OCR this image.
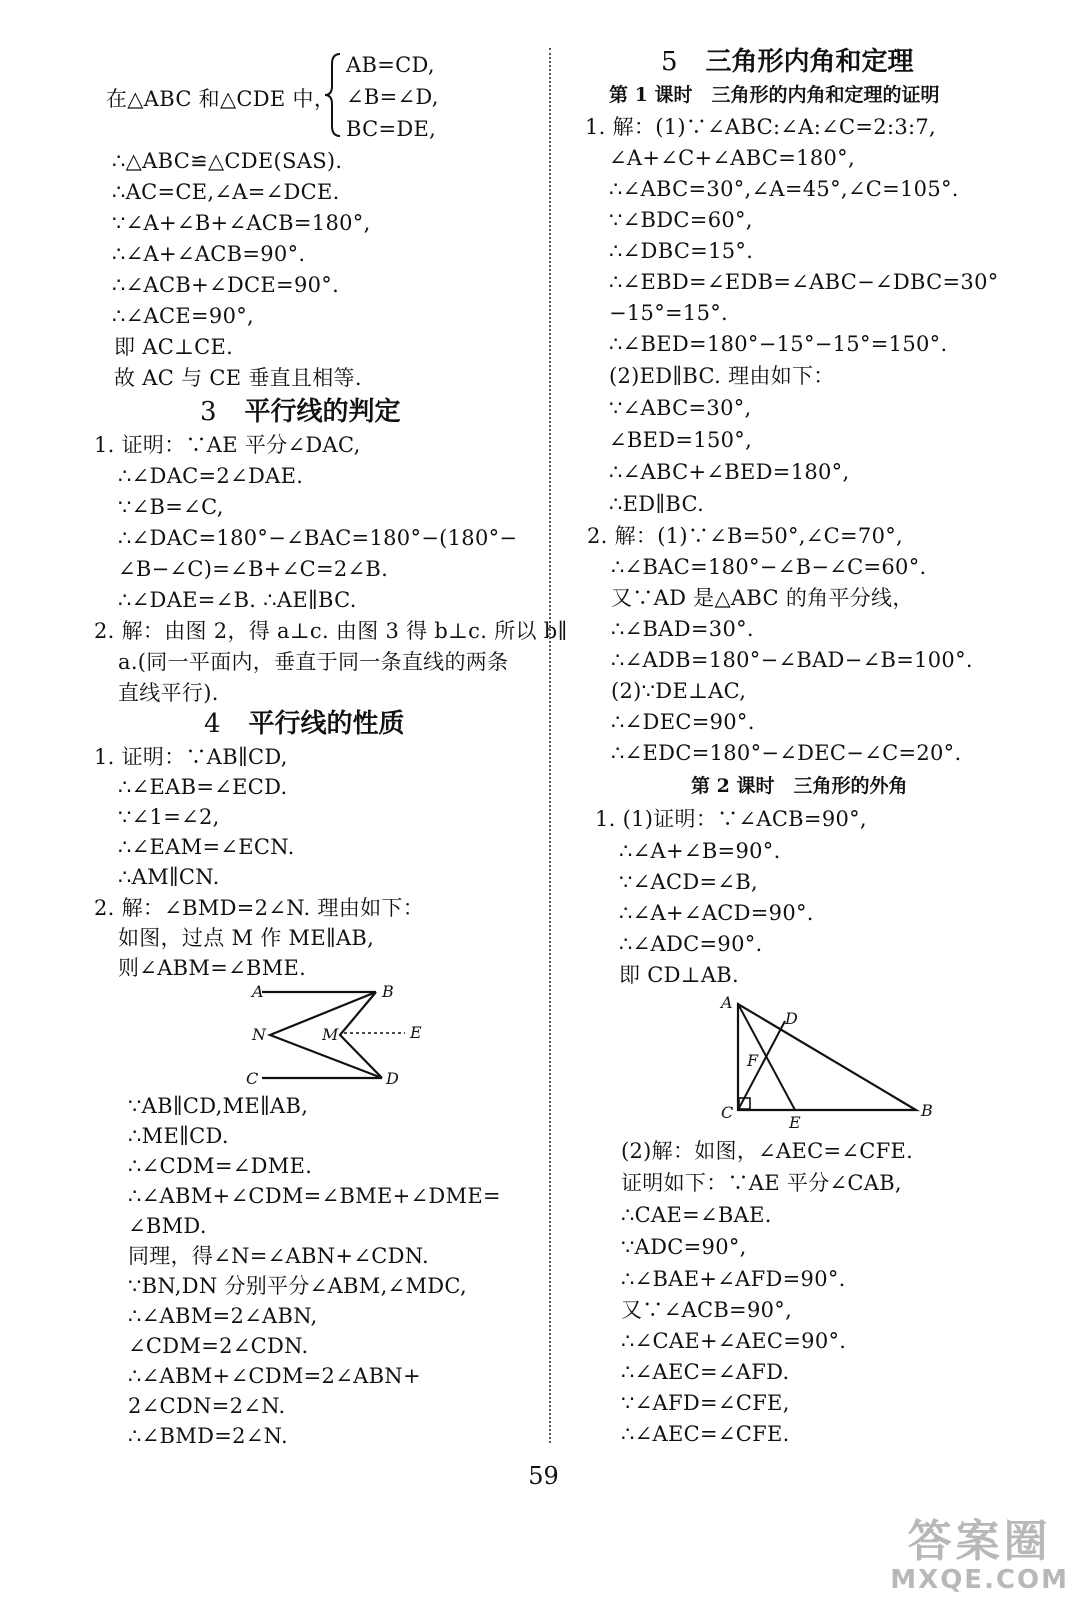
在△ABC 和△CDE 中，
AB=CD,
∠B=∠D,
BC=DE,
∴△ABC≌△CDE(SAS).
∴AC=CE,∠A=∠DCE.
∵∠A+∠B+∠ACB=180°,
∴∠A+∠ACB=90°.
∴∠ACB+∠DCE=90°.
∴∠ACE=90°,
即 AC⊥CE.
故 AC 与 CE 垂直且相等.
3 平行线的判定
1. 证明：∵AE 平分∠DAC,
∴∠DAC=2∠DAE.
∵∠B=∠C,
∴∠DAC=180°−∠BAC=180°−(180°−
∠B−∠C)=∠B+∠C=2∠B.
∴∠DAE=∠B. ∴AE∥BC.
2. 解：由图 2，得 a⊥c. 由图 3 得 b⊥c. 所以 b∥
a.(同一平面内，垂直于同一条直线的两条
直线平行).
4 平行线的性质
1. 证明：∵AB∥CD,
∴∠EAB=∠ECD.
∵∠1=∠2,
∴∠EAM=∠ECN.
∴AM∥CN.
2. 解：∠BMD=2∠N. 理由如下：
如图，过点 M 作 ME∥AB,
则∠ABM=∠BME.
A	B
N	M	E
C	D
∵AB∥CD,ME∥AB,
∴ME∥CD.
∴∠CDM=∠DME.
∴∠ABM+∠CDM=∠BME+∠DME=
∠BMD.
同理，得∠N=∠ABN+∠CDN.
∵BN,DN 分别平分∠ABM,∠MDC,
∴∠ABM=2∠ABN,
∠CDM=2∠CDN.
∴∠ABM+∠CDM=2∠ABN+
2∠CDN=2∠N.
∴∠BMD=2∠N.
5 三角形内角和定理
第 1 课时　三角形的内角和定理的证明
1. 解：(1)∵∠ABC:∠A:∠C=2:3:7,
∠A+∠C+∠ABC=180°,
∴∠ABC=30°,∠A=45°,∠C=105°.
∵∠BDC=60°,
∴∠DBC=15°.
∴∠EBD=∠EDB=∠ABC−∠DBC=30°
−15°=15°.
∴∠BED=180°−15°−15°=150°.
(2)ED∥BC. 理由如下：
∵∠ABC=30°,
∠BED=150°,
∴∠ABC+∠BED=180°,
∴ED∥BC.
2. 解：(1)∵∠B=50°,∠C=70°,
∴∠BAC=180°−∠B−∠C=60°.
又∵AD 是△ABC 的角平分线，
∴∠BAD=30°.
∴∠ADB=180°−∠BAD−∠B=100°.
(2)∵DE⊥AC,
∴∠DEC=90°.
∴∠EDC=180°−∠DEC−∠C=20°.
第 2 课时　三角形的外角
1. (1)证明：∵∠ACB=90°,
∴∠A+∠B=90°.
∵∠ACD=∠B,
∴∠A+∠ACD=90°.
∴∠ADC=90°.
即 CD⊥AB.
A
D
F
C
E
B
(2)解：如图，∠AEC=∠CFE.
证明如下：∵AE 平分∠CAB,
∴CAE=∠BAE.
∵ADC=90°,
∴∠BAE+∠AFD=90°.
又∵∠ACB=90°,
∴∠CAE+∠AEC=90°.
∴∠AEC=∠AFD.
∵∠AFD=∠CFE,
∴∠AEC=∠CFE.
59
答案圈
MXQE.COM
